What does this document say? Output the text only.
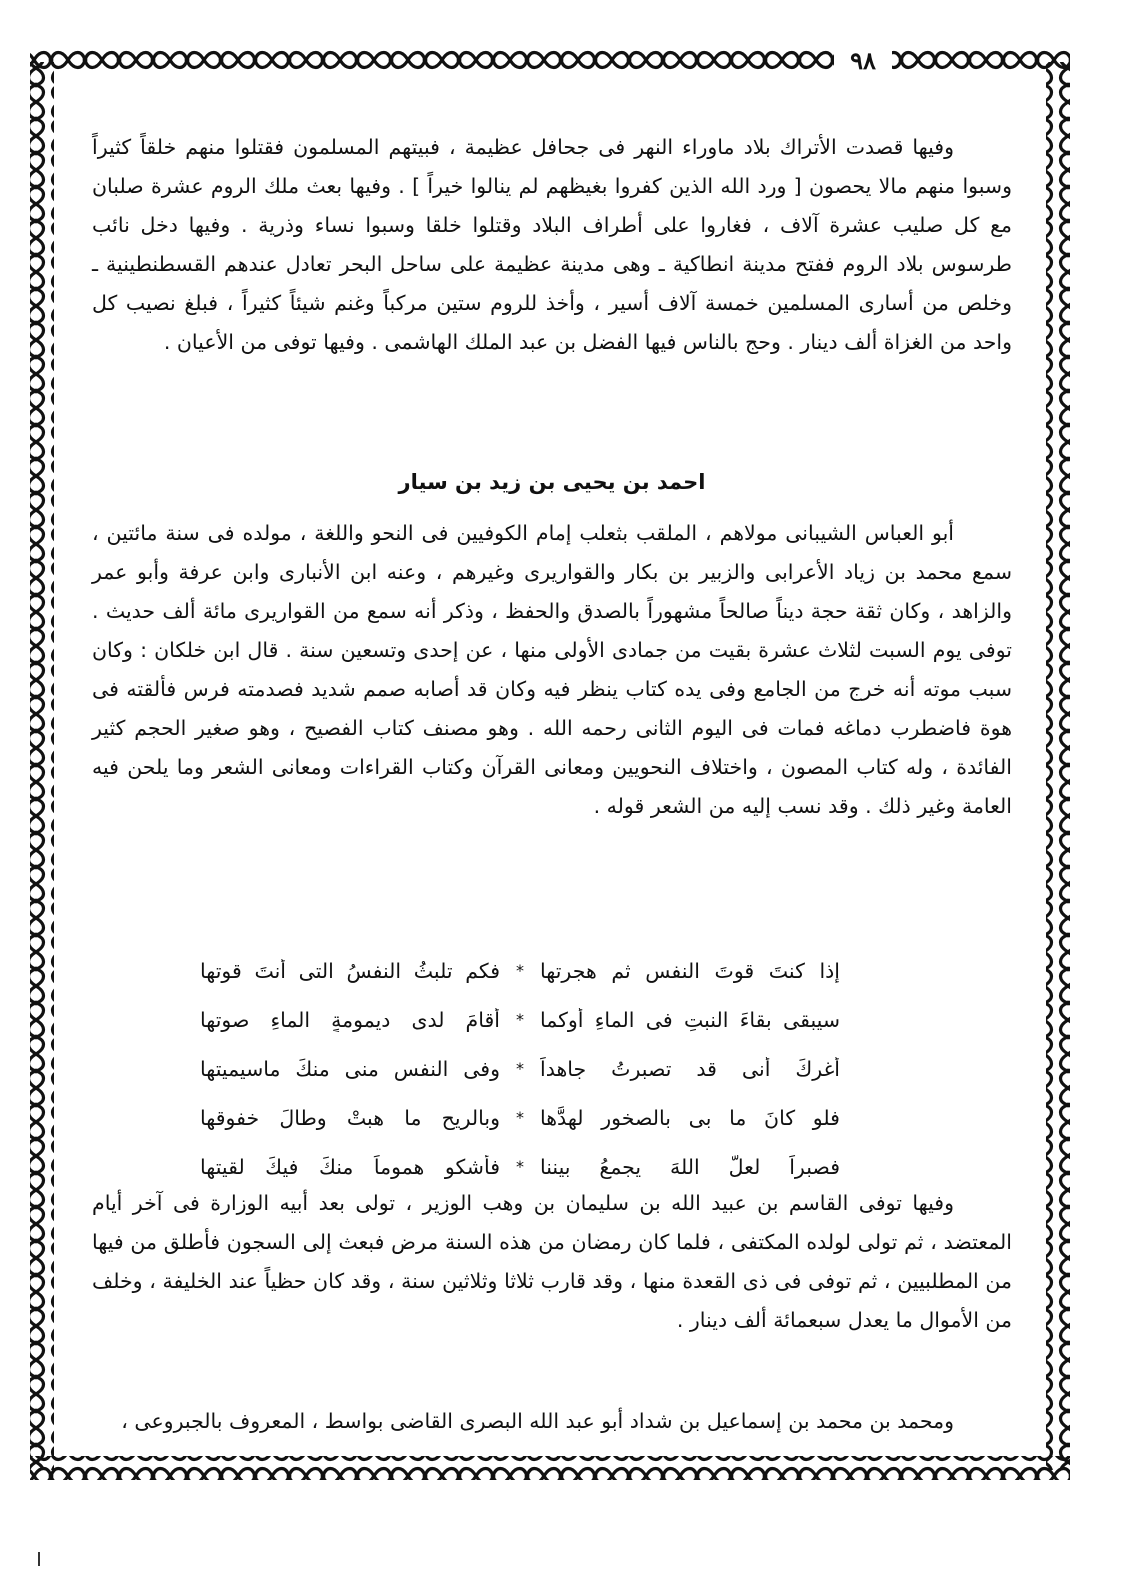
٩٨
وفيها قصدت الأتراك بلاد ماوراء النهر فى جحافل عظيمة ، فبيتهم المسلمون فقتلوا منهم خلقاً كثيراً وسبوا منهم مالا يحصون [ ورد الله الذين كفروا بغيظهم لم ينالوا خيراً ] . وفيها بعث ملك الروم عشرة صلبان مع كل صليب عشرة آلاف ، فغاروا على أطراف البلاد وقتلوا خلقا وسبوا نساء وذرية . وفيها دخل نائب طرسوس بلاد الروم ففتح مدينة انطاكية ـ وهى مدينة عظيمة على ساحل البحر تعادل عندهم القسطنطينية ـ وخلص من أسارى المسلمين خمسة آلاف أسير ، وأخذ للروم ستين مركباً وغنم شيئاً كثيراً ، فبلغ نصيب كل واحد من الغزاة ألف دينار . وحج بالناس فيها الفضل بن عبد الملك الهاشمى . وفيها توفى من الأعيان .
احمد بن يحيى بن زيد بن سيار
أبو العباس الشيبانى مولاهم ، الملقب بثعلب إمام الكوفيين فى النحو واللغة ، مولده فى سنة مائتين ، سمع محمد بن زياد الأعرابى والزبير بن بكار والقواريرى وغيرهم ، وعنه ابن الأنبارى وابن عرفة وأبو عمر والزاهد ، وكان ثقة حجة ديناً صالحاً مشهوراً بالصدق والحفظ ، وذكر أنه سمع من القواريرى مائة ألف حديث . توفى يوم السبت لثلاث عشرة بقيت من جمادى الأولى منها ، عن إحدى وتسعين سنة . قال ابن خلكان : وكان سبب موته أنه خرج من الجامع وفى يده كتاب ينظر فيه وكان قد أصابه صمم شديد فصدمته فرس فألقته فى هوة فاضطرب دماغه فمات فى اليوم الثانى رحمه الله . وهو مصنف كتاب الفصيح ، وهو صغير الحجم كثير الفائدة ، وله كتاب المصون ، واختلاف النحويين ومعانى القرآن وكتاب القراءات ومعانى الشعر وما يلحن فيه العامة وغير ذلك . وقد نسب إليه من الشعر قوله .
إذا كنتَ قوتَ النفسِ ثم هجرتها
*
فكم تلبثُ النفسُ التى أنتَ قوتها
سيبقى بقاءَ النبتِ فى الماءِ أوكما
*
أقامَ لدى ديمومةٍ الماءِ صوتها
أغركَ أنى قد تصبرتُ جاهداً
*
وفى النفسِ منى منكَ ماسيميتها
فلو كانَ ما بى بالصخورِ لهدَّها
*
وبالريحِ ما هبتْ وطالَ خفوقها
فصبراً لعلَّ اللهَ يجمعُ بيننا
*
فأشكو هموماً منكَ فيكَ لقيتها
وفيها توفى القاسم بن عبيد الله بن سليمان بن وهب الوزير ، تولى بعد أبيه الوزارة فى آخر أيام المعتضد ، ثم تولى لولده المكتفى ، فلما كان رمضان من هذه السنة مرض فبعث إلى السجون فأطلق من فيها من المطلبيين ، ثم توفى فى ذى القعدة منها ، وقد قارب ثلاثا وثلاثين سنة ، وقد كان حظياً عند الخليفة ، وخلف من الأموال ما يعدل سبعمائة ألف دينار .
ومحمد بن محمد بن إسماعيل بن شداد أبو عبد الله البصرى القاضى بواسط ، المعروف بالجبروعى ،
